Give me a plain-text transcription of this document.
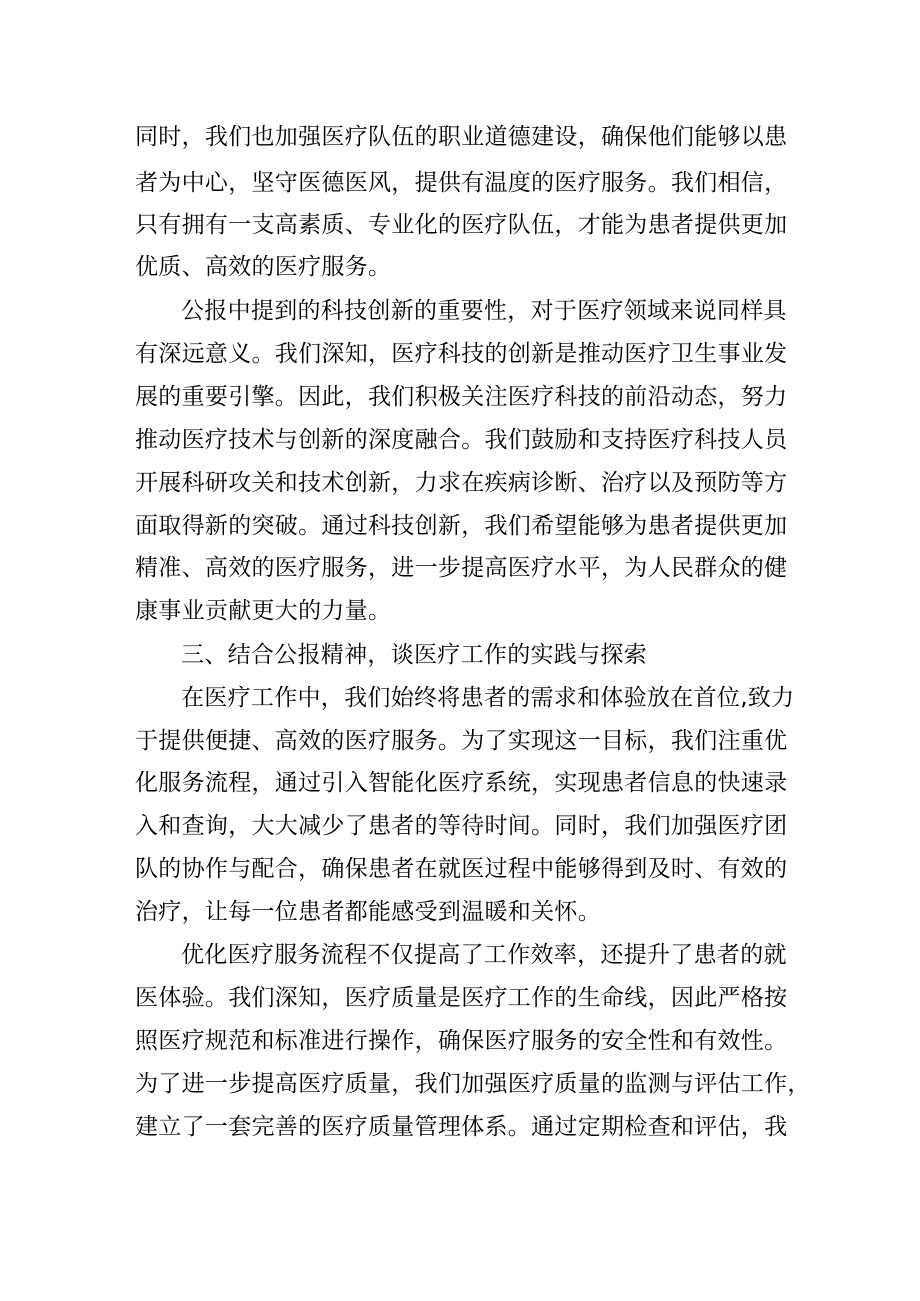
同时，我们也加强医疗队伍的职业道德建设，确保他们能够以患

者为中心，坚守医德医风，提供有温度的医疗服务。我们相信，

只有拥有一支高素质、专业化的医疗队伍，才能为患者提供更加

优质、高效的医疗服务。

公报中提到的科技创新的重要性，对于医疗领域来说同样具

有深远意义。我们深知，医疗科技的创新是推动医疗卫生事业发

展的重要引擎。因此，我们积极关注医疗科技的前沿动态，努力

推动医疗技术与创新的深度融合。我们鼓励和支持医疗科技人员

开展科研攻关和技术创新，力求在疾病诊断、治疗以及预防等方

面取得新的突破。通过科技创新，我们希望能够为患者提供更加

精准、高效的医疗服务，进一步提高医疗水平，为人民群众的健

康事业贡献更大的力量。

三、结合公报精神，谈医疗工作的实践与探索

在医疗工作中，我们始终将患者的需求和体验放在首位,致力

于提供便捷、高效的医疗服务。为了实现这一目标，我们注重优

化服务流程，通过引入智能化医疗系统，实现患者信息的快速录

入和查询，大大减少了患者的等待时间。同时，我们加强医疗团

队的协作与配合，确保患者在就医过程中能够得到及时、有效的

治疗，让每一位患者都能感受到温暖和关怀。

优化医疗服务流程不仅提高了工作效率，还提升了患者的就

医体验。我们深知，医疗质量是医疗工作的生命线，因此严格按

照医疗规范和标准进行操作，确保医疗服务的安全性和有效性。

为了进一步提高医疗质量，我们加强医疗质量的监测与评估工作，

建立了一套完善的医疗质量管理体系。通过定期检查和评估，我
